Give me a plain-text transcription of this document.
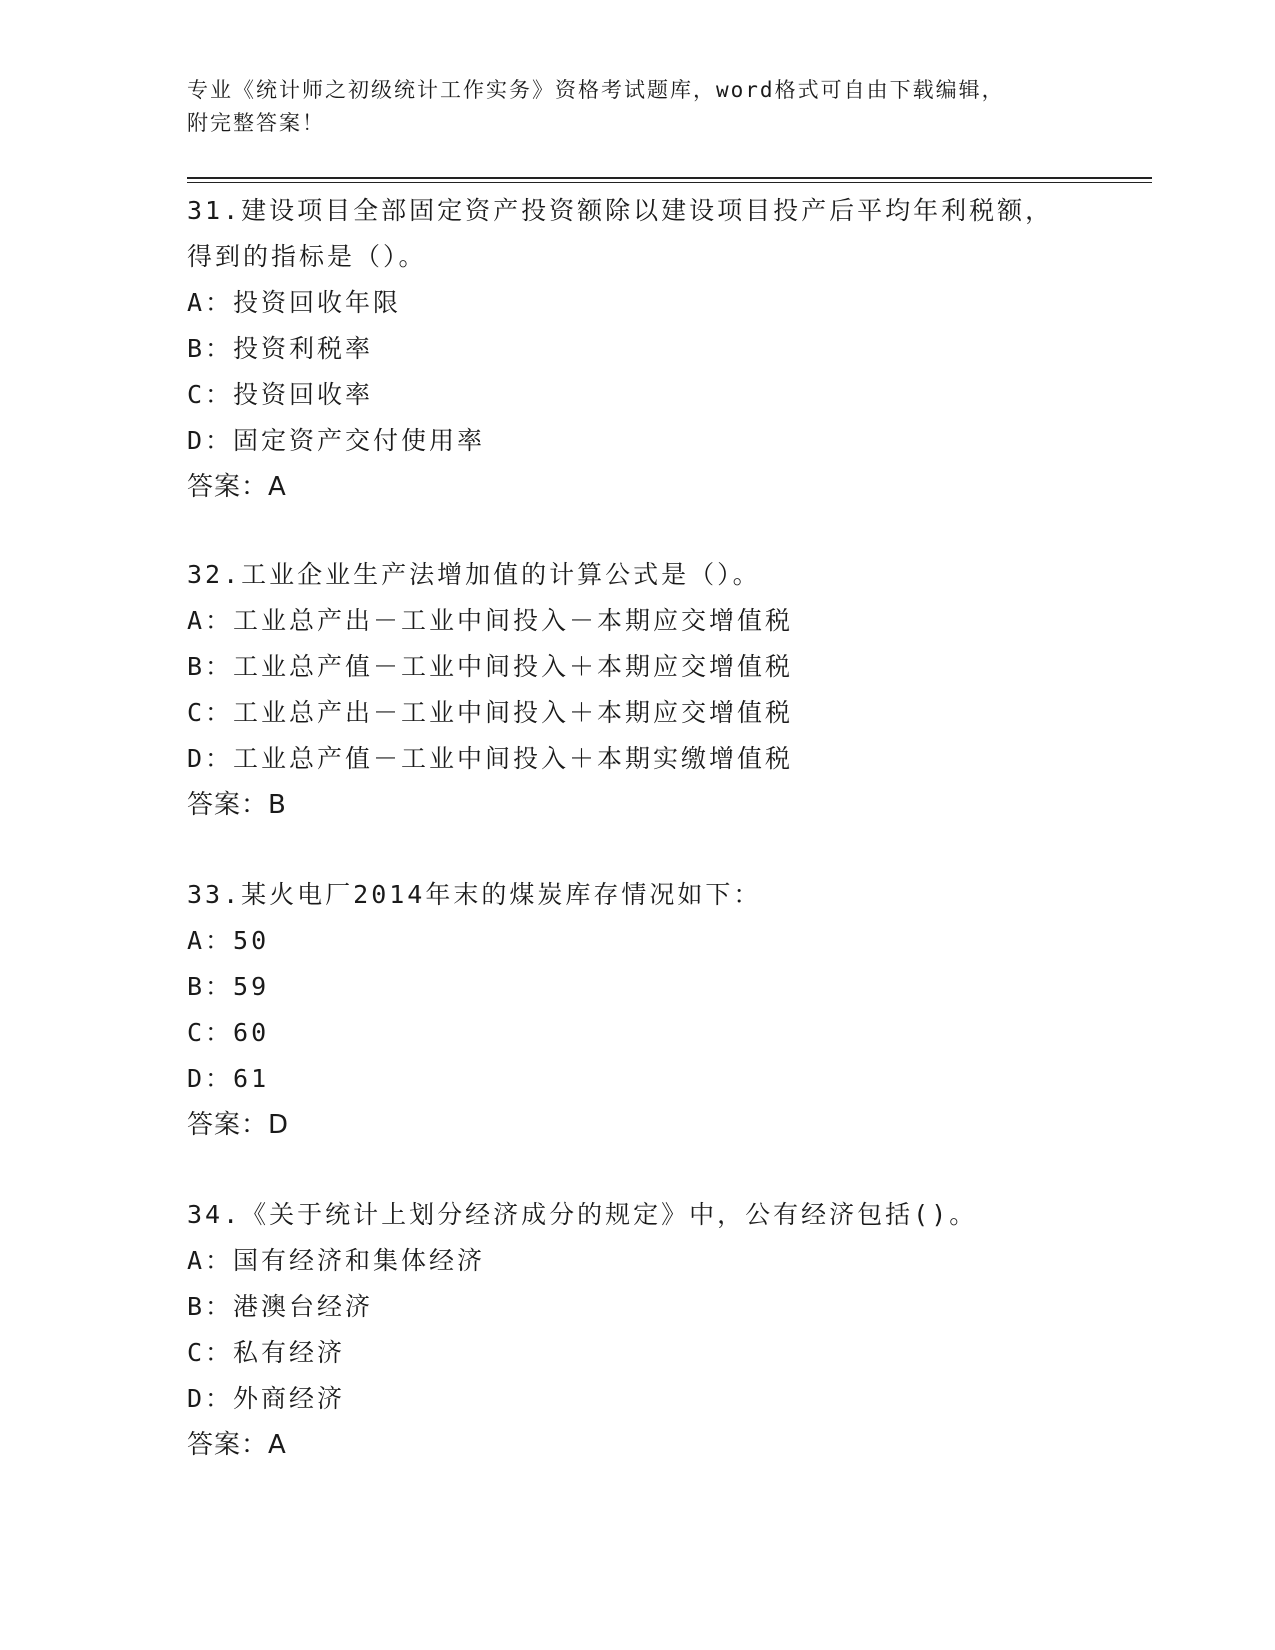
专业《统计师之初级统计工作实务》资格考试题库，word格式可自由下载编辑，
附完整答案！
31.建设项目全部固定资产投资额除以建设项目投产后平均年利税额，
得到的指标是（）。
A：投资回收年限
B：投资利税率
C：投资回收率
D：固定资产交付使用率
答案：A
32.工业企业生产法增加值的计算公式是（）。
A：工业总产出－工业中间投入－本期应交增值税
B：工业总产值－工业中间投入＋本期应交增值税
C：工业总产出－工业中间投入＋本期应交增值税
D：工业总产值－工业中间投入＋本期实缴增值税
答案：B
33.某火电厂2014年末的煤炭库存情况如下：
A：50
B：59
C：60
D：61
答案：D
34.《关于统计上划分经济成分的规定》中，公有经济包括()。
A：国有经济和集体经济
B：港澳台经济
C：私有经济
D：外商经济
答案：A
